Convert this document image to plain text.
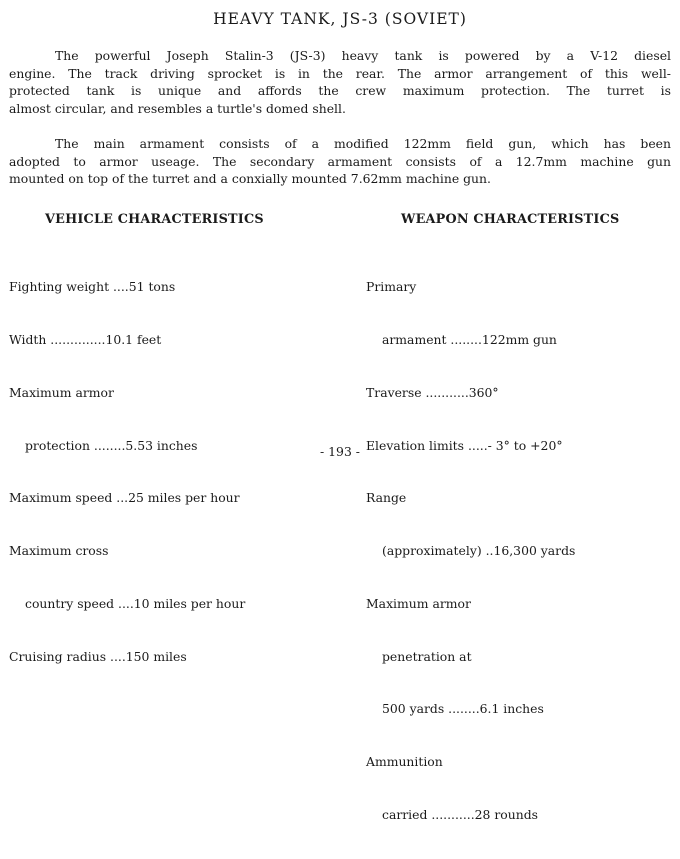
HEAVY TANK, JS-3 (SOVIET)
The powerful Joseph Stalin-3 (JS-3) heavy tank is powered by a V-12 diesel
engine. The track driving sprocket is in the rear. The armor arrangement of this well-
protected tank is unique and affords the crew maximum protection. The turret is
almost circular, and resembles a turtle's domed shell.
The main armament consists of a modified 122mm field gun, which has been
adopted to armor useage. The secondary armament consists of a 12.7mm machine gun
mounted on top of the turret and a conxially mounted 7.62mm machine gun.
VEHICLE CHARACTERISTICS	WEAPON CHARACTERISTICS

Fighting weight ....51 tons

Width ..............10.1 feet

Maximum armor

protection ........5.53 inches

Maximum speed ...25 miles per hour

Maximum cross

country speed ....10 miles per hour

Cruising radius ....150 miles

Primary

armament ........122mm gun

Traverse ...........360°

Elevation limits .....- 3° to +20°

Range

(approximately) ..16,300 yards

Maximum armor

penetration at

500 yards ........6.1 inches

Ammunition

carried ...........28 rounds

- 193 -
